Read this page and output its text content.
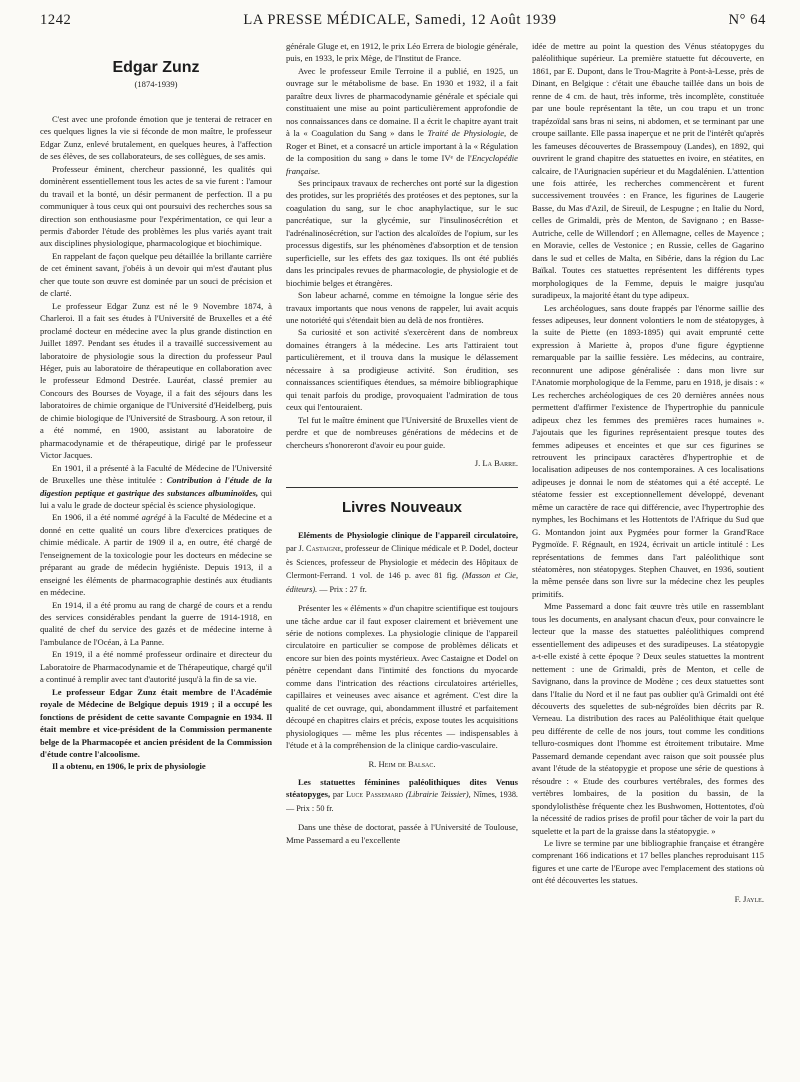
1242	LA PRESSE MÉDICALE, Samedi, 12 Août 1939	N° 64
Edgar Zunz
(1874-1939)

C'est avec une profonde émotion que je tenterai de retracer en ces quelques lignes la vie si féconde de mon maître, le professeur Edgar Zunz, enlevé brutalement, en quelques heures, à l'affection de ses élèves, de ses collaborateurs, de ses collègues, de ses amis.

Professeur éminent, chercheur passionné, les qualités qui dominèrent essentiellement tous les actes de sa vie furent : l'amour du travail et la bonté, un désir permanent de perfection. Il a pu communiquer à tous ceux qui ont poursuivi des recherches sous sa direction son enthousiasme pour l'expérimentation, ce qui leur a permis d'aborder l'étude des problèmes les plus variés ayant trait aux disciplines physiologique, pharmacologique et biochimique.

En rappelant de façon quelque peu détaillée la brillante carrière de cet éminent savant, j'obéis à un devoir qui m'est d'autant plus cher que toute son œuvre est dominée par un souci de précision et de clarté.

Le professeur Edgar Zunz est né le 9 Novembre 1874, à Charleroi. Il a fait ses études à l'Université de Bruxelles et a été proclamé docteur en médecine avec la plus grande distinction en Juillet 1897. Pendant ses études il a travaillé successivement au laboratoire de physiologie sous la direction du professeur Paul Héger, puis au laboratoire de thérapeutique en collaboration avec le professeur Edmond Destrée. Lauréat, classé premier au Concours des Bourses de Voyage, il a fait des séjours dans les laboratoires de chimie organique de l'Université d'Heidelberg, puis de chimie biologique de l'Université de Strasbourg. A son retour, il a été nommé, en 1900, assistant au laboratoire de pharmacodynamie et de thérapeutique, dirigé par le professeur Victor Jacques.

En 1901, il a présenté à la Faculté de Médecine de l'Université de Bruxelles une thèse intitulée : Contribution à l'étude de la digestion peptique et gastrique des substances albuminoïdes, qui lui a valu le grade de docteur spécial ès science physiologique.

En 1906, il a été nommé agrégé à la Faculté de Médecine et a donné en cette qualité un cours libre d'exercices pratiques de chimie médicale. A partir de 1909 il a, en outre, été chargé de l'enseignement de la toxicologie pour les docteurs en médecine se préparant au grade de médecin hygiéniste. Depuis 1913, il a enseigné les éléments de pharmacographie destinés aux étudiants en médecine.

En 1914, il a été promu au rang de chargé de cours et a rendu des services considérables pendant la guerre de 1914-1918, en qualité de chef du service des gazés et de médecine interne à l'ambulance de l'Océan, à La Panne.

En 1919, il a été nommé professeur ordinaire et directeur du Laboratoire de Pharmacodynamie et de Thérapeutique, chargé qu'il a continué à remplir avec tant d'autorité jusqu'à la fin de sa vie.

Le professeur Edgar Zunz était membre de l'Académie royale de Médecine de Belgique depuis 1919 ; il a occupé les fonctions de président de cette savante Compagnie en 1934. Il était membre et vice-président de la Commission permanente belge de la Pharmacopée et ancien président de la Commission d'étude contre l'alcoolisme.

Il a obtenu, en 1906, le prix de physiologie

générale Gluge et, en 1912, le prix Léo Errera de biologie générale, puis, en 1933, le prix Mège, de l'Institut de France.

Avec le professeur Emile Terroine il a publié, en 1925, un ouvrage sur le métabolisme de base. En 1930 et 1932, il a fait paraître deux livres de pharmacodynamie générale et spéciale qui constituaient une mise au point particulièrement approfondie de nos connaissances dans ce domaine. Il a écrit le chapitre ayant trait à la « Coagulation du Sang » dans le Traité de Physiologie, de Roger et Binet, et a consacré un article important à la « Régulation de la composition du sang » dans le tome IVᵉ de l'Encyclopédie française.

Ses principaux travaux de recherches ont porté sur la digestion des protides, sur les propriétés des protéoses et des peptones, sur la coagulation du sang, sur le choc anaphylactique, sur le suc pancréatique, sur la glycémie, sur l'insulinosécrétion et l'adrénalinosécrétion, sur l'action des alcaloïdes de l'opium, sur les processus digestifs, sur les phénomènes d'absorption et de tension superficielle, sur les effets des gaz toxiques. Ils ont été publiés dans les principales revues de pharmacologie, de physiologie et de biochimie belges et étrangères.

Son labeur acharné, comme en témoigne la longue série des travaux importants que nous venons de rappeler, lui avait acquis une notoriété qui s'étendait bien au delà de nos frontières.

Sa curiosité et son activité s'exercèrent dans de nombreux domaines étrangers à la médecine. Les arts l'attiraient tout particulièrement, et il trouva dans la musique le délassement nécessaire à sa prodigieuse activité. Son érudition, ses connaissances scientifiques étendues, sa mémoire bibliographique qui tenait parfois du prodige, provoquaient l'admiration de tous ceux qui l'entouraient.

Tel fut le maître éminent que l'Université de Bruxelles vient de perdre et que de nombreuses générations de médecins et de chercheurs s'honoreront d'avoir eu pour guide.

J. La Barre.
Livres Nouveaux

Eléments de Physiologie clinique de l'appareil circulatoire, par J. Castaigne, professeur de Clinique médicale et P. Dodel, docteur ès Sciences, professeur de Physiologie et médecin des Hôpitaux de Clermont-Ferrand. 1 vol. de 146 p. avec 81 fig. (Masson et Cie, éditeurs). — Prix : 27 fr.

Présenter les « éléments » d'un chapitre scientifique est toujours une tâche ardue car il faut exposer clairement et brièvement une série de notions complexes. La physiologie clinique de l'appareil circulatoire en particulier se compose de problèmes délicats et encore sur bien des points mystérieux. Avec Castaigne et Dodel on pénètre cependant dans l'intimité des fonctions du myocarde comme dans l'intrication des réactions circulatoires artérielles, capillaires et veineuses avec aisance et agrément. C'est dire la qualité de cet ouvrage, qui, abondamment illustré et parfaitement découpé en chapitres clairs et précis, expose toutes les acquisitions physiologiques — même les plus récentes — indispensables à l'étude et à la compréhension de la clinique cardio-vasculaire.

R. Heim de Balsac.

Les statuettes féminines paléolithiques dites Venus stéatopyges, par Luce Passemard (Librairie Teissier), Nîmes, 1938. — Prix : 50 fr.

Dans une thèse de doctorat, passée à l'Université de Toulouse, Mme Passemard a eu l'excellente

idée de mettre au point la question des Vénus stéatopyges du paléolithique supérieur. La première statuette fut découverte, en 1861, par E. Dupont, dans le Trou-Magrite à Pont-à-Lesse, près de Dinant, en Belgique : c'était une ébauche taillée dans un bois de renne de 4 cm. de haut, très informe, très incomplète, constituée par une boule représentant la tête, un cou trapu et un tronc trapézoïdal sans bras ni seins, ni abdomen, et se terminant par une croupe saillante. Elle passa inaperçue et ne prit de l'intérêt qu'après les fameuses découvertes de Brassempouy (Landes), en 1892, qui ouvrirent le grand chapitre des statuettes en ivoire, en stéatites, en calcaire, de l'Aurignacien supérieur et du Magdalénien. L'attention une fois attirée, les recherches commencèrent et furent successivement trouvées : en France, les figurines de Laugerie Basse, du Mas d'Azil, de Sireuil, de Lespugne ; en Italie du Nord, celles de Grimaldi, près de Menton, de Savignano ; en Basse-Autriche, celle de Willendorf ; en Allemagne, celles de Mayence ; en Moravie, celles de Vestonice ; en Russie, celles de Gagarino dans le sud et celles de Malta, en Sibérie, dans la région du Lac Baïkal. Toutes ces statuettes représentent les différents types morphologiques de la Femme, depuis le maigre jusqu'au suradipeux, la majorité étant du type adipeux.

Les archéologues, sans doute frappés par l'énorme saillie des fesses adipeuses, leur donnent volontiers le nom de stéatopyges, à la suite de Piette (en 1893-1895) qui avait emprunté cette expression à Mariette à, propos d'une figure égyptienne remarquable par la saillie fessière. Les médecins, au contraire, reconnurent une adipose généralisée : dans mon livre sur l'Anatomie morphologique de la Femme, paru en 1918, je disais : « Les recherches archéologiques de ces 20 dernières années nous permettent d'affirmer l'existence de l'hypertrophie du pannicule adipeux chez les femmes des premières races humaines ». J'ajoutais que les figurines représentaient presque toutes des femmes adipeuses et enceintes et que sur ces figurines se retrouvent les principaux caractères d'hypertrophie et de localisation adipeuses de nos contemporaines. A ces localisations adipeuses je donnai le nom de stéatomes qui a été accepté. Le stéatome fessier est exceptionnellement développé, devenant même un caractère de race qui différencie, avec l'hypertrophie des nymphes, les Bochimans et les Hottentots de l'Afrique du Sud que G. Montandon joint aux Pygmées pour former la Grand'Race Pygmoïde. F. Régnault, en 1924, écrivait un article intitulé : Les représentations de femmes dans l'art paléolithique sont stéatomères, non stéatopyges. Stephen Chauvet, en 1936, soutient la même pensée dans son livre sur la médecine chez les peuples primitifs.

Mme Passemard a donc fait œuvre très utile en rassemblant tous les documents, en analysant chacun d'eux, pour convaincre le lecteur que la masse des statuettes paléolithiques comprend essentiellement des adipeuses et des suradipeuses. La stéatopygie a-t-elle existé à cette époque ? Deux seules statuettes la montrent nettement : une de Grimaldi, près de Menton, et celle de Savignano, dans la province de Modène ; ces deux statuettes sont dans l'Italie du Nord et il ne faut pas oublier qu'à Grimaldi ont été découverts des squelettes de sub-négroïdes bien décrits par R. Verneau. La distribution des races au Paléolithique était quelque peu différente de celle de nos jours, tout comme les conditions telluro-cosmiques dont l'homme est étroitement tributaire. Mme Passemard demande cependant avec raison que soit poussée plus avant l'étude de la stéatopygie et propose une série de questions à résoudre : « Etude des courbures vertébrales, des formes des vertèbres lombaires, de la position du bassin, de la spondylolisthèse fréquente chez les Bushwomen, Hottentotes, d'où la nécessité de radios prises de profil pour tâcher de voir la part du squelette et la part de la graisse dans la stéatopygie. »

Le livre se termine par une bibliographie française et étrangère comprenant 166 indications et 17 belles planches reproduisant 115 figures et une carte de l'Europe avec l'emplacement des stations où ont été découvertes les statues.

F. Jayle.
